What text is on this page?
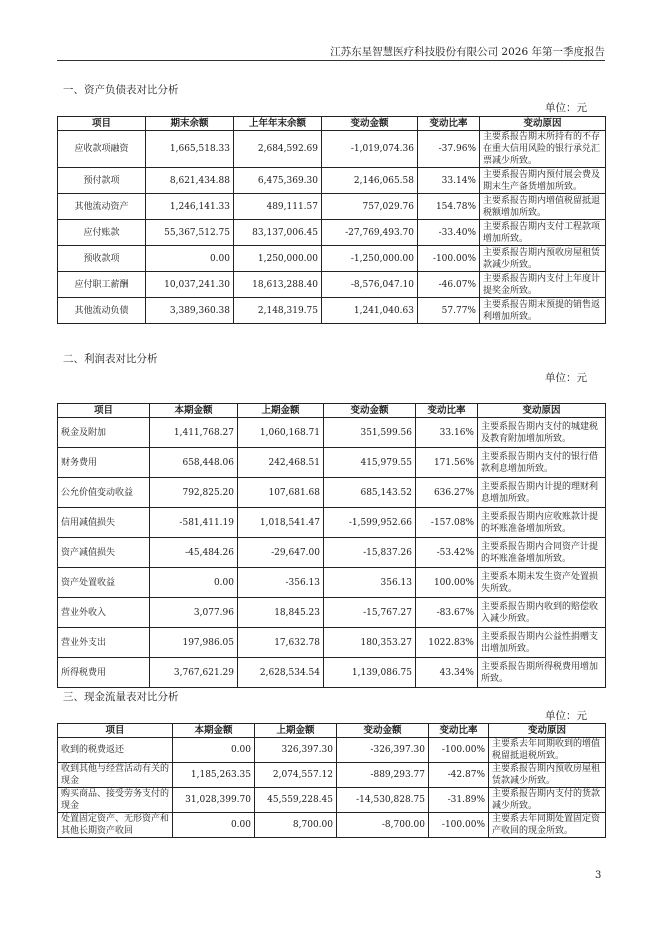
江苏东星智慧医疗科技股份有限公司 2026 年第一季度报告
一、资产负债表对比分析
单位：元
项目	期末余额	上年年末余额	变动金额	变动比率	变动原因
应收款项融资	1,665,518.33	2,684,592.69	-1,019,074.36	-37.96%	主要系报告期末所持有的不存在重大信用风险的银行承兑汇票减少所致。
预付款项	8,621,434.88	6,475,369.30	2,146,065.58	33.14%	主要系报告期内预付展会费及期末生产备货增加所致。
其他流动资产	1,246,141.33	489,111.57	757,029.76	154.78%	主要系报告期内增值税留抵退税额增加所致。
应付账款	55,367,512.75	83,137,006.45	-27,769,493.70	-33.40%	主要系报告期内支付工程款项增加所致。
预收款项	0.00	1,250,000.00	-1,250,000.00	-100.00%	主要系报告期内预收房屋租赁款减少所致。
应付职工薪酬	10,037,241.30	18,613,288.40	-8,576,047.10	-46.07%	主要系报告期内支付上年度计提奖金所致。
其他流动负债	3,389,360.38	2,148,319.75	1,241,040.63	57.77%	主要系报告期末预提的销售返利增加所致。
二、利润表对比分析
单位：元
项目	本期金额	上期金额	变动金额	变动比率	变动原因
税金及附加	1,411,768.27	1,060,168.71	351,599.56	33.16%	主要系报告期内支付的城建税及教育附加增加所致。
财务费用	658,448.06	242,468.51	415,979.55	171.56%	主要系报告期内支付的银行借款利息增加所致。
公允价值变动收益	792,825.20	107,681.68	685,143.52	636.27%	主要系报告期内计提的理财利息增加所致。
信用减值损失	-581,411.19	1,018,541.47	-1,599,952.66	-157.08%	主要系报告期内应收账款计提的坏账准备增加所致。
资产减值损失	-45,484.26	-29,647.00	-15,837.26	-53.42%	主要系报告期内合同资产计提的坏账准备增加所致。
资产处置收益	0.00	-356.13	356.13	100.00%	主要系本期未发生资产处置损失所致。
营业外收入	3,077.96	18,845.23	-15,767.27	-83.67%	主要系报告期内收到的赔偿收入减少所致。
营业外支出	197,986.05	17,632.78	180,353.27	1022.83%	主要系报告期内公益性捐赠支出增加所致。
所得税费用	3,767,621.29	2,628,534.54	1,139,086.75	43.34%	主要系报告期所得税费用增加所致。
三、现金流量表对比分析
单位：元
项目	本期金额	上期金额	变动金额	变动比率	变动原因
收到的税费返还	0.00	326,397.30	-326,397.30	-100.00%	主要系去年同期收到的增值税留抵退税所致。
收到其他与经营活动有关的现金	1,185,263.35	2,074,557.12	-889,293.77	-42.87%	主要系报告期内预收房屋租赁款减少所致。
购买商品、接受劳务支付的现金	31,028,399.70	45,559,228.45	-14,530,828.75	-31.89%	主要系报告期内支付的货款减少所致。
处置固定资产、无形资产和其他长期资产收回	0.00	8,700.00	-8,700.00	-100.00%	主要系去年同期处置固定资产收回的现金所致。
3
